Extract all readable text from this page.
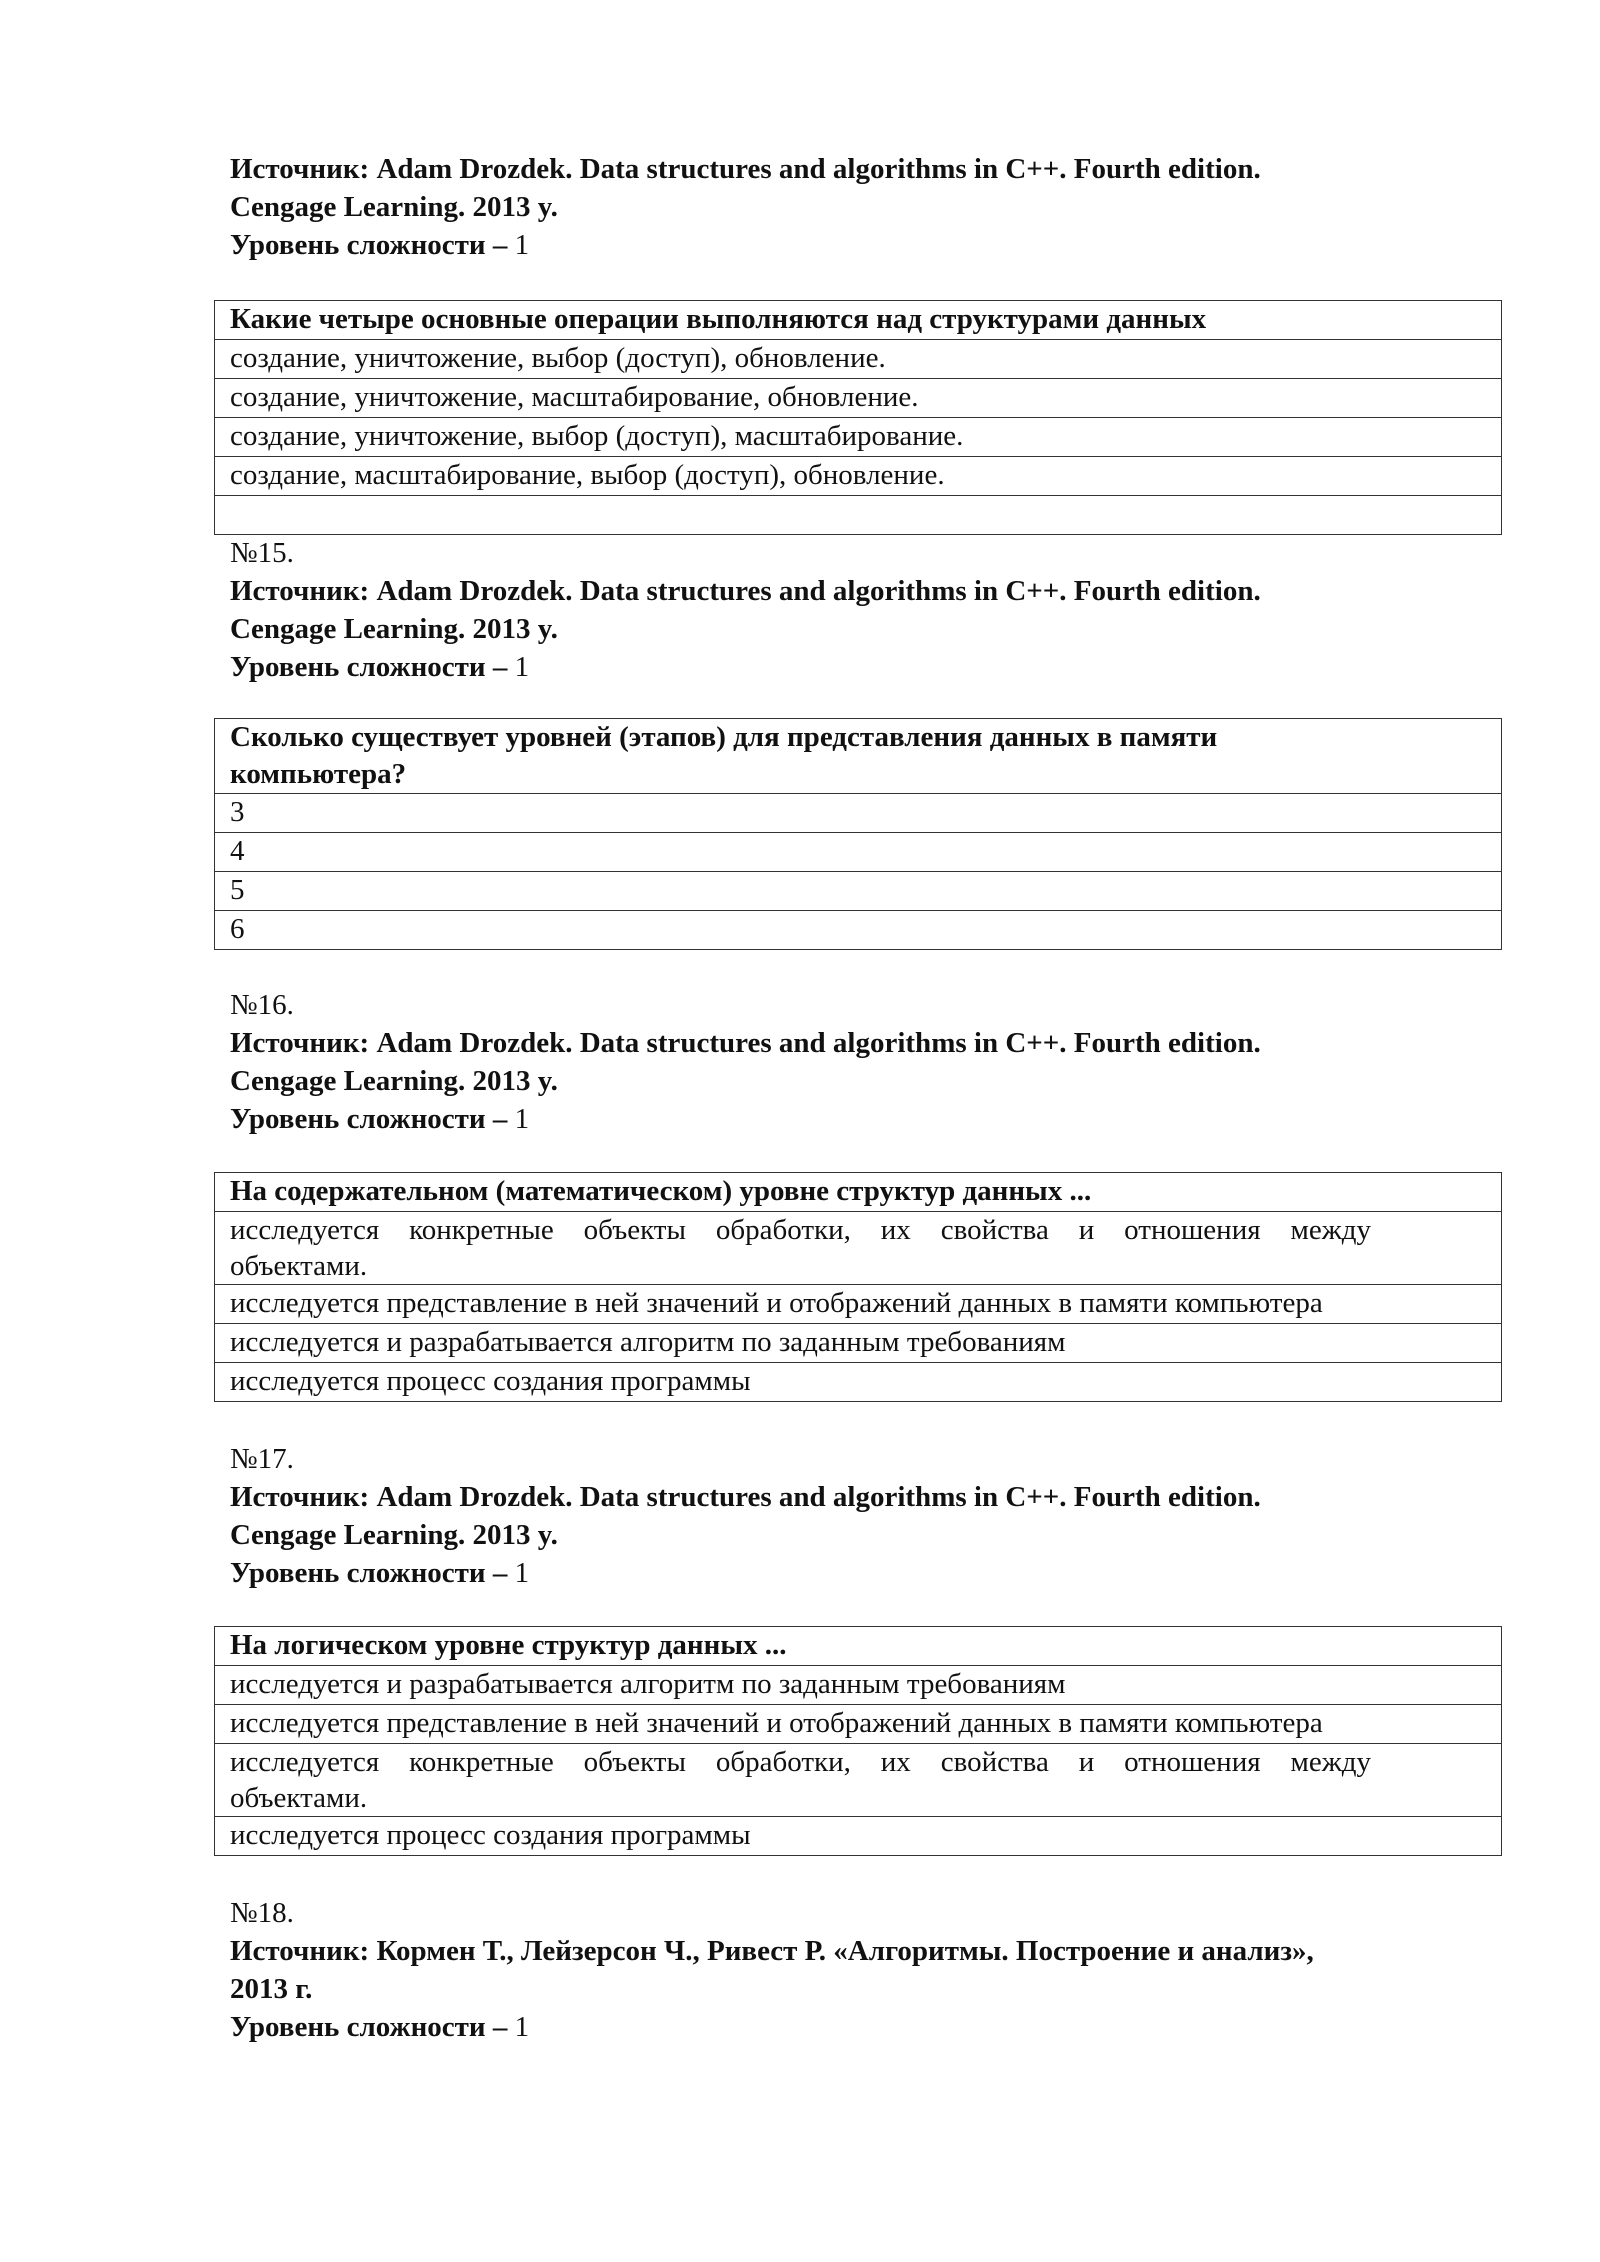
Источник: Adam Drozdek. Data structures and algorithms in C++. Fourth edition.
Cengage Learning. 2013 y.
Уровень сложности – 1
Какие четыре основные операции выполняются над структурами данных
создание, уничтожение, выбор (доступ), обновление.
создание, уничтожение, масштабирование, обновление.
создание, уничтожение, выбор (доступ), масштабирование.
создание, масштабирование, выбор (доступ), обновление.

№15.
Источник: Adam Drozdek. Data structures and algorithms in C++. Fourth edition.
Cengage Learning. 2013 y.
Уровень сложности – 1
Сколько существует уровней (этапов) для представления данных в памяти
компьютера?

3
4
5
6
№16.
Источник: Adam Drozdek. Data structures and algorithms in C++. Fourth edition.
Cengage Learning. 2013 y.
Уровень сложности – 1
На содержательном (математическом) уровне структур данных ...

исследуется конкретные объекты обработки, их свойства и отношения между
объектами.
исследуется представление в ней значений и отображений данных в памяти компьютера
исследуется и разрабатывается алгоритм по заданным требованиям
исследуется процесс создания программы
№17.
Источник: Adam Drozdek. Data structures and algorithms in C++. Fourth edition.
Cengage Learning. 2013 y.
Уровень сложности – 1
На логическом уровне структур данных ...
исследуется и разрабатывается алгоритм по заданным требованиям
исследуется представление в ней значений и отображений данных в памяти компьютера

исследуется конкретные объекты обработки, их свойства и отношения между
объектами.
исследуется процесс создания программы
№18.
Источник: Кормен Т., Лейзерсон Ч., Ривест Р. «Алгоритмы. Построение и анализ»,
2013 г.
Уровень сложности – 1
